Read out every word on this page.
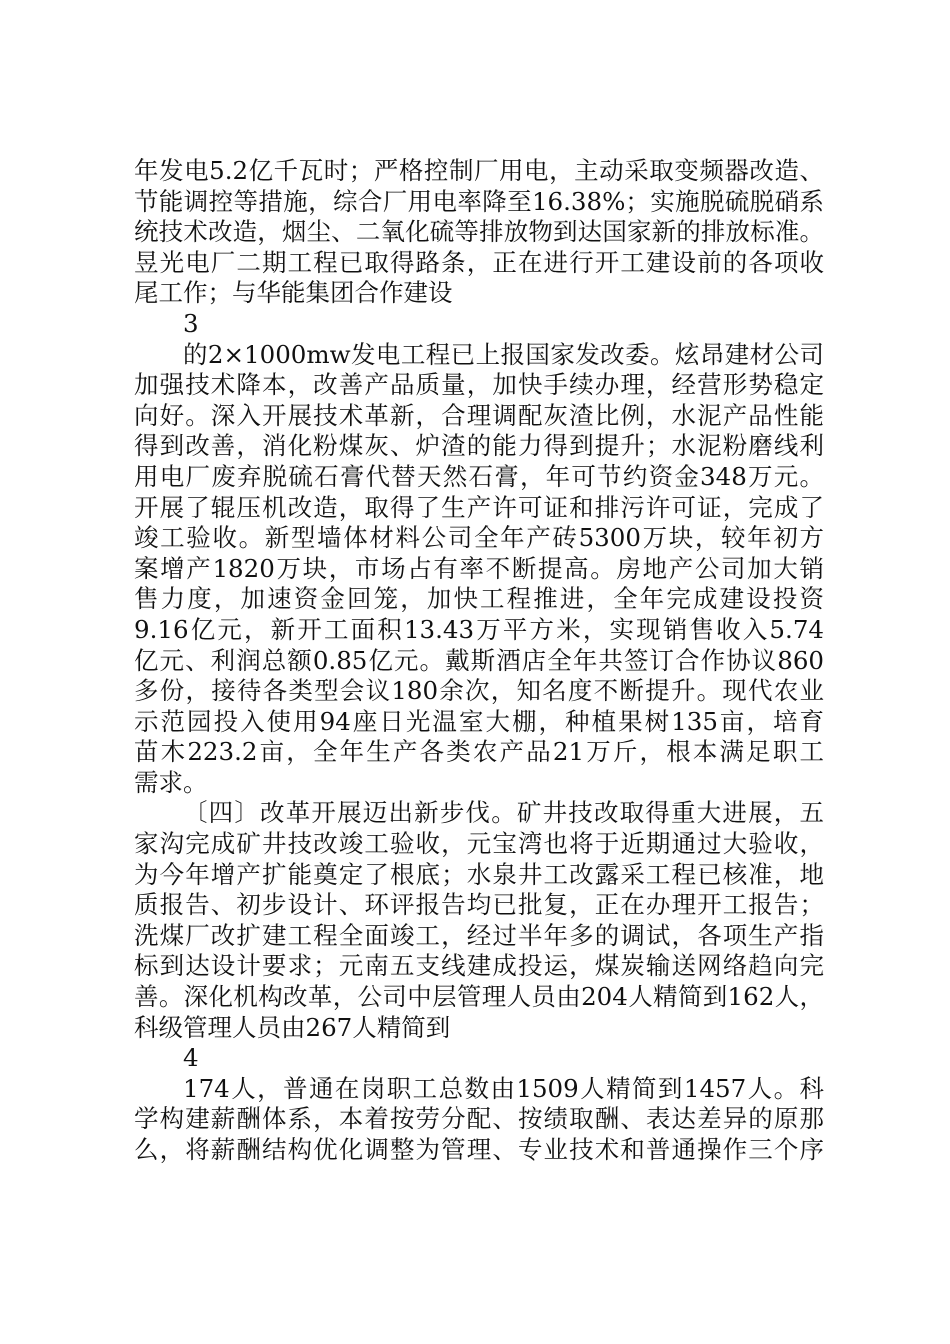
年发电5.2亿千瓦时；严格控制厂用电，主动采取变频器改造、
节能调控等措施，综合厂用电率降至16.38%；实施脱硫脱硝系
统技术改造，烟尘、二氧化硫等排放物到达国家新的排放标准。
昱光电厂二期工程已取得路条，正在进行开工建设前的各项收
尾工作；与华能集团合作建设
3
的2×1000mw发电工程已上报国家发改委。炫昂建材公司
加强技术降本，改善产品质量，加快手续办理，经营形势稳定
向好。深入开展技术革新，合理调配灰渣比例，水泥产品性能
得到改善，消化粉煤灰、炉渣的能力得到提升；水泥粉磨线利
用电厂废弃脱硫石膏代替天然石膏，年可节约资金348万元。
开展了辊压机改造，取得了生产许可证和排污许可证，完成了
竣工验收。新型墙体材料公司全年产砖5300万块，较年初方
案增产1820万块，市场占有率不断提高。房地产公司加大销
售力度，加速资金回笼，加快工程推进，全年完成建设投资
9.16亿元，新开工面积13.43万平方米，实现销售收入5.74
亿元、利润总额0.85亿元。戴斯酒店全年共签订合作协议860
多份，接待各类型会议180余次，知名度不断提升。现代农业
示范园投入使用94座日光温室大棚，种植果树135亩，培育
苗木223.2亩，全年生产各类农产品21万斤，根本满足职工
需求。
〔四〕改革开展迈出新步伐。矿井技改取得重大进展，五
家沟完成矿井技改竣工验收，元宝湾也将于近期通过大验收，
为今年增产扩能奠定了根底；水泉井工改露采工程已核准，地
质报告、初步设计、环评报告均已批复，正在办理开工报告；
洗煤厂改扩建工程全面竣工，经过半年多的调试，各项生产指
标到达设计要求；元南五支线建成投运，煤炭输送网络趋向完
善。深化机构改革，公司中层管理人员由204人精简到162人，
科级管理人员由267人精简到
4
174人，普通在岗职工总数由1509人精简到1457人。科
学构建薪酬体系，本着按劳分配、按绩取酬、表达差异的原那
么，将薪酬结构优化调整为管理、专业技术和普通操作三个序
